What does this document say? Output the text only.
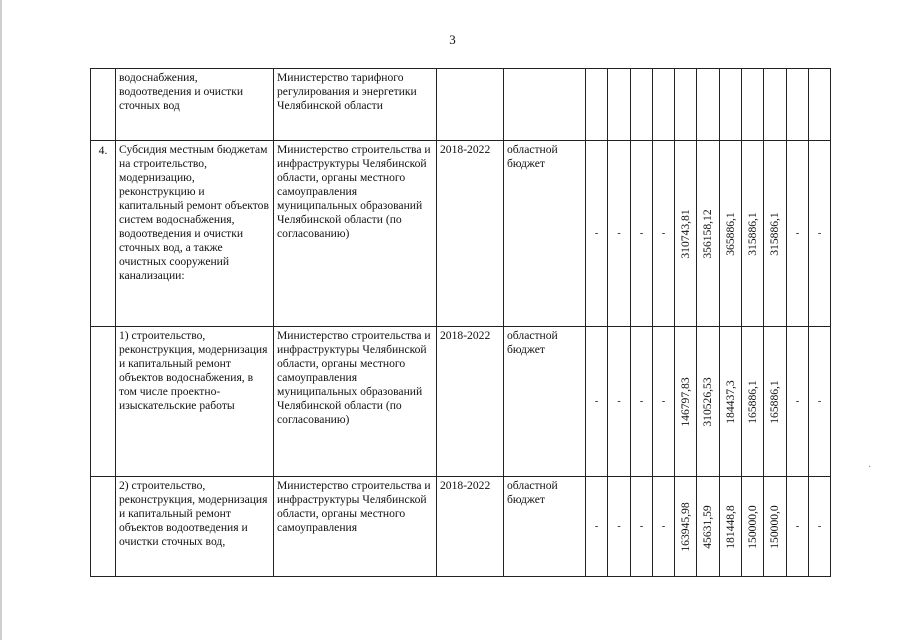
3
·
	водоснабжения, водоотведения и очистки сточных вод	Министерство тарифного регулирования и энергетики Челябинской области			

4.	Субсидия местным бюджетам на строительство, модернизацию, реконструкцию и капитальный ремонт объектов систем водоснабжения, водоотведения и очистки сточных вод, а также очистных сооружений канализации:	Министерство строительства и инфраструктуры Челябинской области, органы местного самоуправления муниципальных образований Челябинской области (по согласованию)	2018-2022	областной бюджет	-	-	-	-	310743,81	356158,12	365886,1	315886,1	315886,1	-	-

	1) строительство, реконструкция, модернизация и капитальный ремонт объектов водоснабжения, в том числе проектно-изыскательские работы	Министерство строительства и инфраструктуры Челябинской области, органы местного самоуправления муниципальных образований Челябинской области (по согласованию)	2018-2022	областной бюджет	-	-	-	-	146797,83	310526,53	184437,3	165886,1	165886,1	-	-

	2) строительство, реконструкция, модернизация и капитальный ремонт объектов водоотведения и очистки сточных вод,	Министерство строительства и инфраструктуры Челябинской области, органы местного самоуправления	2018-2022	областной бюджет	-	-	-	-	163945,98	45631,59	181448,8	150000,0	150000,0	-	-
